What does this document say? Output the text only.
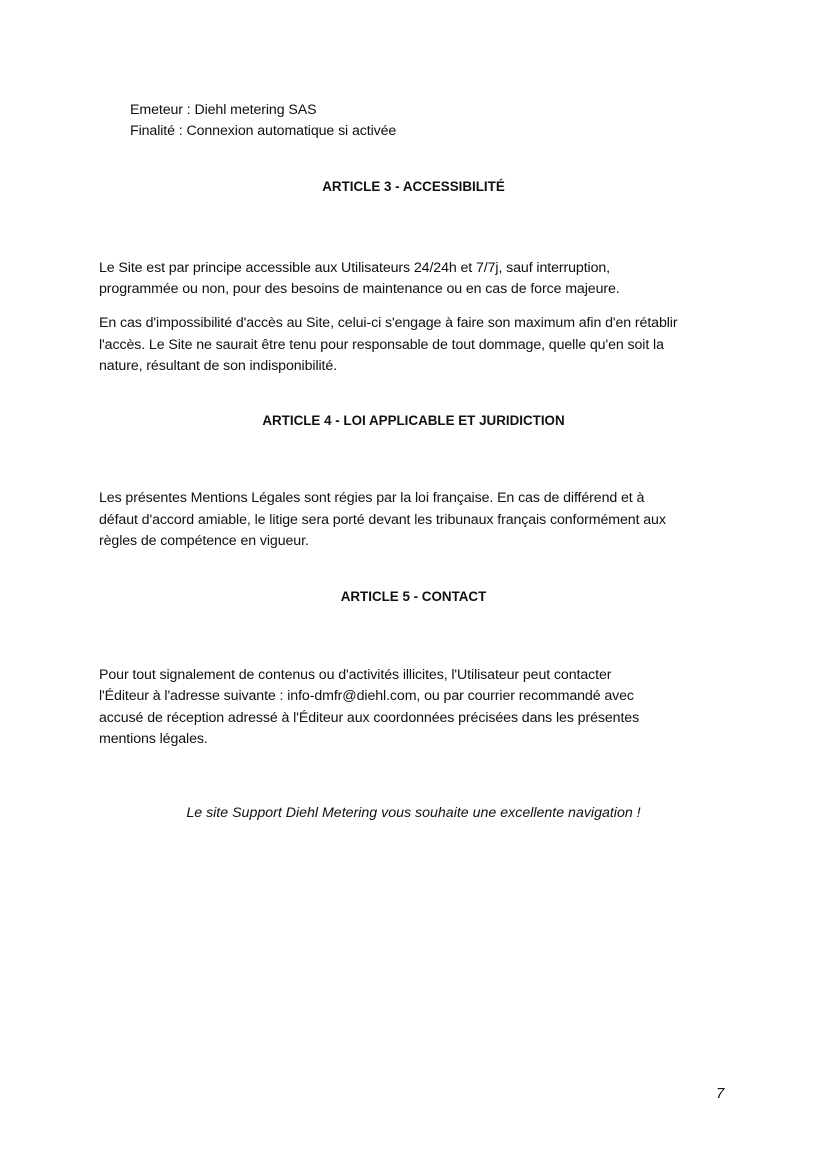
Emeteur : Diehl metering SAS
Finalité : Connexion automatique si activée
ARTICLE 3 - ACCESSIBILITÉ
Le Site est par principe accessible aux Utilisateurs 24/24h et 7/7j, sauf interruption,
programmée ou non, pour des besoins de maintenance ou en cas de force majeure.
En cas d'impossibilité d'accès au Site, celui-ci s'engage à faire son maximum afin d'en rétablir
l'accès. Le Site ne saurait être tenu pour responsable de tout dommage, quelle qu'en soit la
nature, résultant de son indisponibilité.
ARTICLE 4 - LOI APPLICABLE ET JURIDICTION
Les présentes Mentions Légales sont régies par la loi française. En cas de différend et à
défaut d'accord amiable, le litige sera porté devant les tribunaux français conformément aux
règles de compétence en vigueur.
ARTICLE 5 - CONTACT
Pour tout signalement de contenus ou d'activités illicites, l'Utilisateur peut contacter
l'Éditeur à l'adresse suivante : info-dmfr@diehl.com, ou par courrier recommandé avec
accusé de réception adressé à l'Éditeur aux coordonnées précisées dans les présentes
mentions légales.
Le site Support Diehl Metering vous souhaite une excellente navigation !
7
